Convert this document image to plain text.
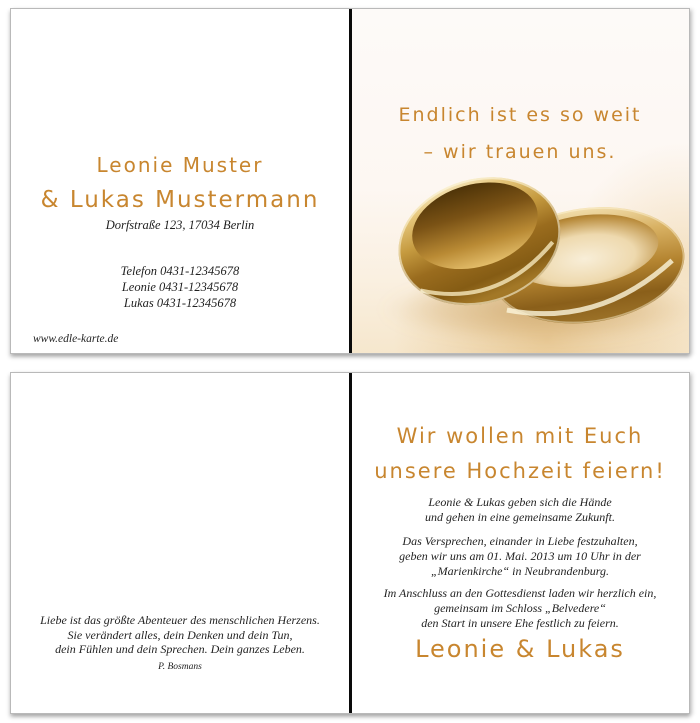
Leonie Muster
& Lukas Mustermann
Dorfstraße 123, 17034 Berlin
Telefon 0431-12345678
Leonie 0431-12345678
Lukas 0431-12345678
www.edle-karte.de
Endlich ist es so weit
– wir trauen uns.
Liebe ist das größte Abenteuer des menschlichen Herzens.
Sie verändert alles, dein Denken und dein Tun,
dein Fühlen und dein Sprechen. Dein ganzes Leben.
P. Bosmans
Wir wollen mit Euch
unsere Hochzeit feiern!
Leonie & Lukas geben sich die Hände
und gehen in eine gemeinsame Zukunft.
Das Versprechen, einander in Liebe festzuhalten,
geben wir uns am 01. Mai. 2013 um 10 Uhr in der
„Marienkirche“ in Neubrandenburg.
Im Anschluss an den Gottesdienst laden wir herzlich ein,
gemeinsam im Schloss „Belvedere“
den Start in unsere Ehe festlich zu feiern.
Leonie & Lukas
